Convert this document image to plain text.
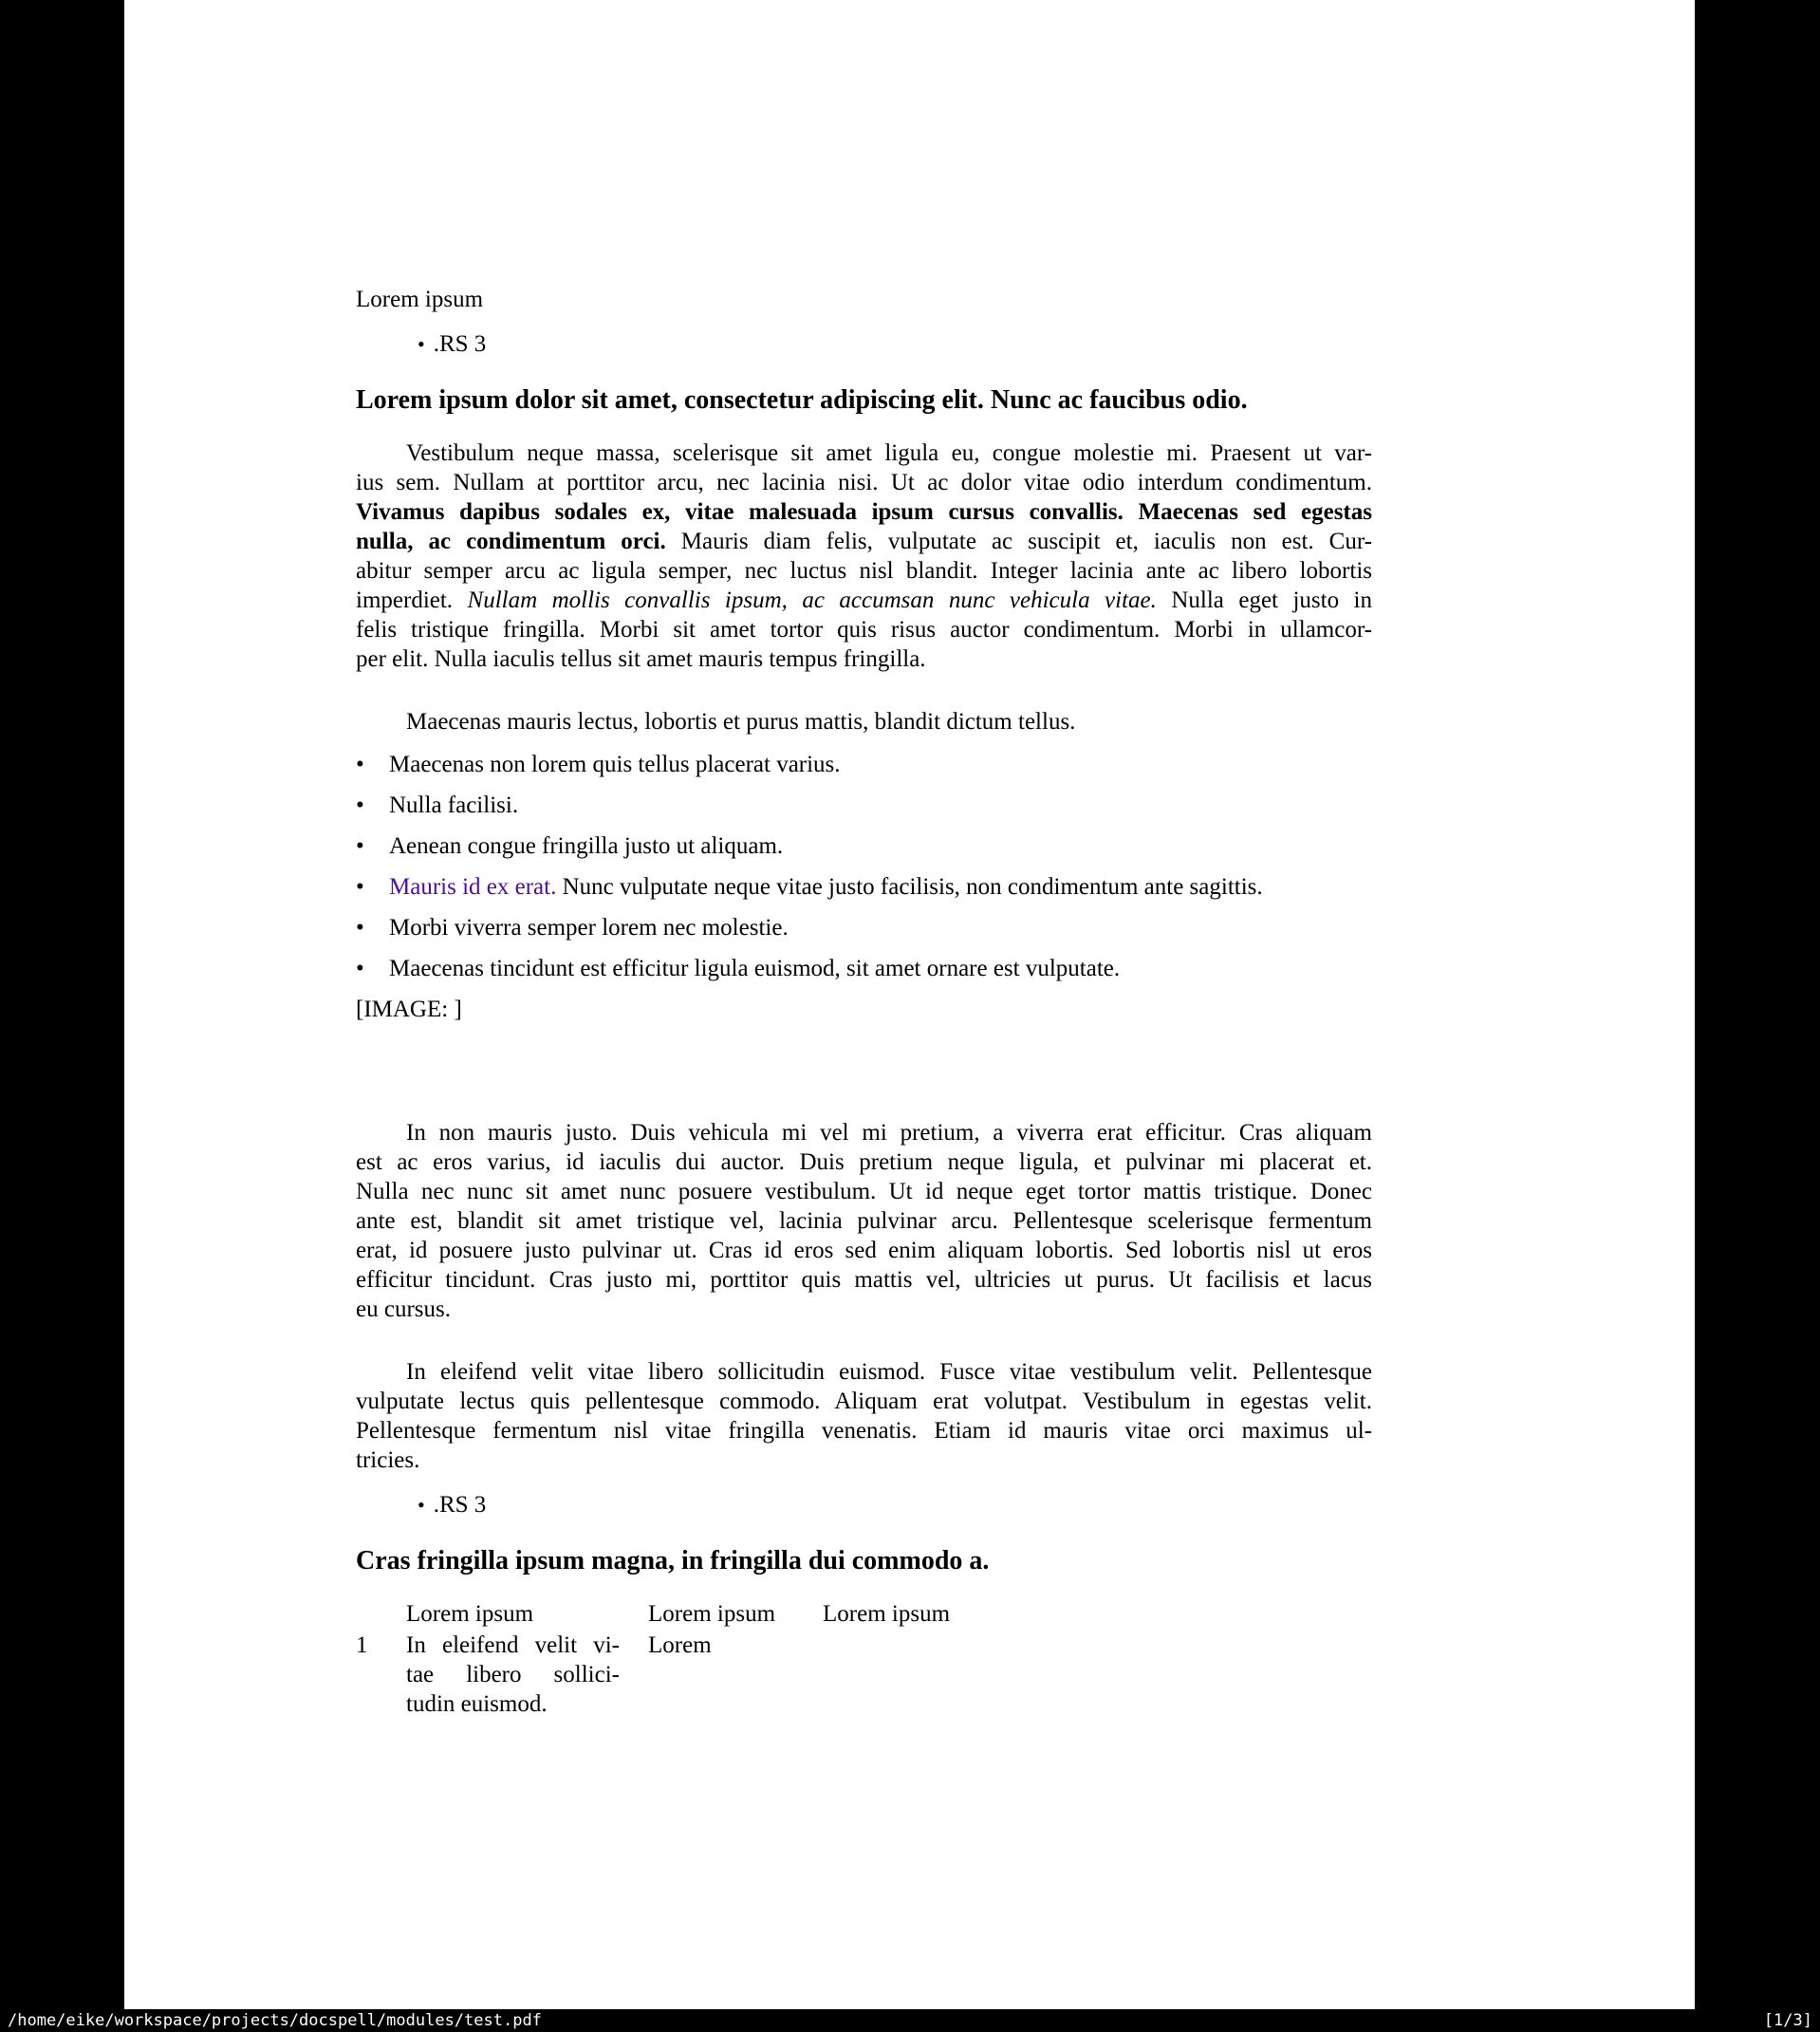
Lorem ipsum
• .RS 3
Lorem ipsum dolor sit amet, consectetur adipiscing elit. Nunc ac faucibus odio.
Vestibulum neque massa, scelerisque sit amet ligula eu, congue molestie mi. Praesent ut var-
ius sem. Nullam at porttitor arcu, nec lacinia nisi. Ut ac dolor vitae odio interdum condimentum.
Vivamus dapibus sodales ex, vitae malesuada ipsum cursus convallis. Maecenas sed egestas
nulla, ac condimentum orci. Mauris diam felis, vulputate ac suscipit et, iaculis non est. Cur-
abitur semper arcu ac ligula semper, nec luctus nisl blandit. Integer lacinia ante ac libero lobortis
imperdiet. Nullam mollis convallis ipsum, ac accumsan nunc vehicula vitae. Nulla eget justo in
felis tristique fringilla. Morbi sit amet tortor quis risus auctor condimentum. Morbi in ullamcor-
per elit. Nulla iaculis tellus sit amet mauris tempus fringilla.
Maecenas mauris lectus, lobortis et purus mattis, blandit dictum tellus.
• Maecenas non lorem quis tellus placerat varius.
• Nulla facilisi.
• Aenean congue fringilla justo ut aliquam.
• Mauris id ex erat. Nunc vulputate neque vitae justo facilisis, non condimentum ante sagittis.
• Morbi viverra semper lorem nec molestie.
• Maecenas tincidunt est efficitur ligula euismod, sit amet ornare est vulputate.
[IMAGE: ]
In non mauris justo. Duis vehicula mi vel mi pretium, a viverra erat efficitur. Cras aliquam
est ac eros varius, id iaculis dui auctor. Duis pretium neque ligula, et pulvinar mi placerat et.
Nulla nec nunc sit amet nunc posuere vestibulum. Ut id neque eget tortor mattis tristique. Donec
ante est, blandit sit amet tristique vel, lacinia pulvinar arcu. Pellentesque scelerisque fermentum
erat, id posuere justo pulvinar ut. Cras id eros sed enim aliquam lobortis. Sed lobortis nisl ut eros
efficitur tincidunt. Cras justo mi, porttitor quis mattis vel, ultricies ut purus. Ut facilisis et lacus
eu cursus.
In eleifend velit vitae libero sollicitudin euismod. Fusce vitae vestibulum velit. Pellentesque
vulputate lectus quis pellentesque commodo. Aliquam erat volutpat. Vestibulum in egestas velit.
Pellentesque fermentum nisl vitae fringilla venenatis. Etiam id mauris vitae orci maximus ul-
tricies.
• .RS 3
Cras fringilla ipsum magna, in fringilla dui commodo a.
Lorem ipsum	Lorem ipsum Lorem ipsum
1 In eleifend velit vi-
tae libero sollici-
tudin euismod.
Lorem
/home/eike/workspace/projects/docspell/modules/test.pdf	[1/3]
